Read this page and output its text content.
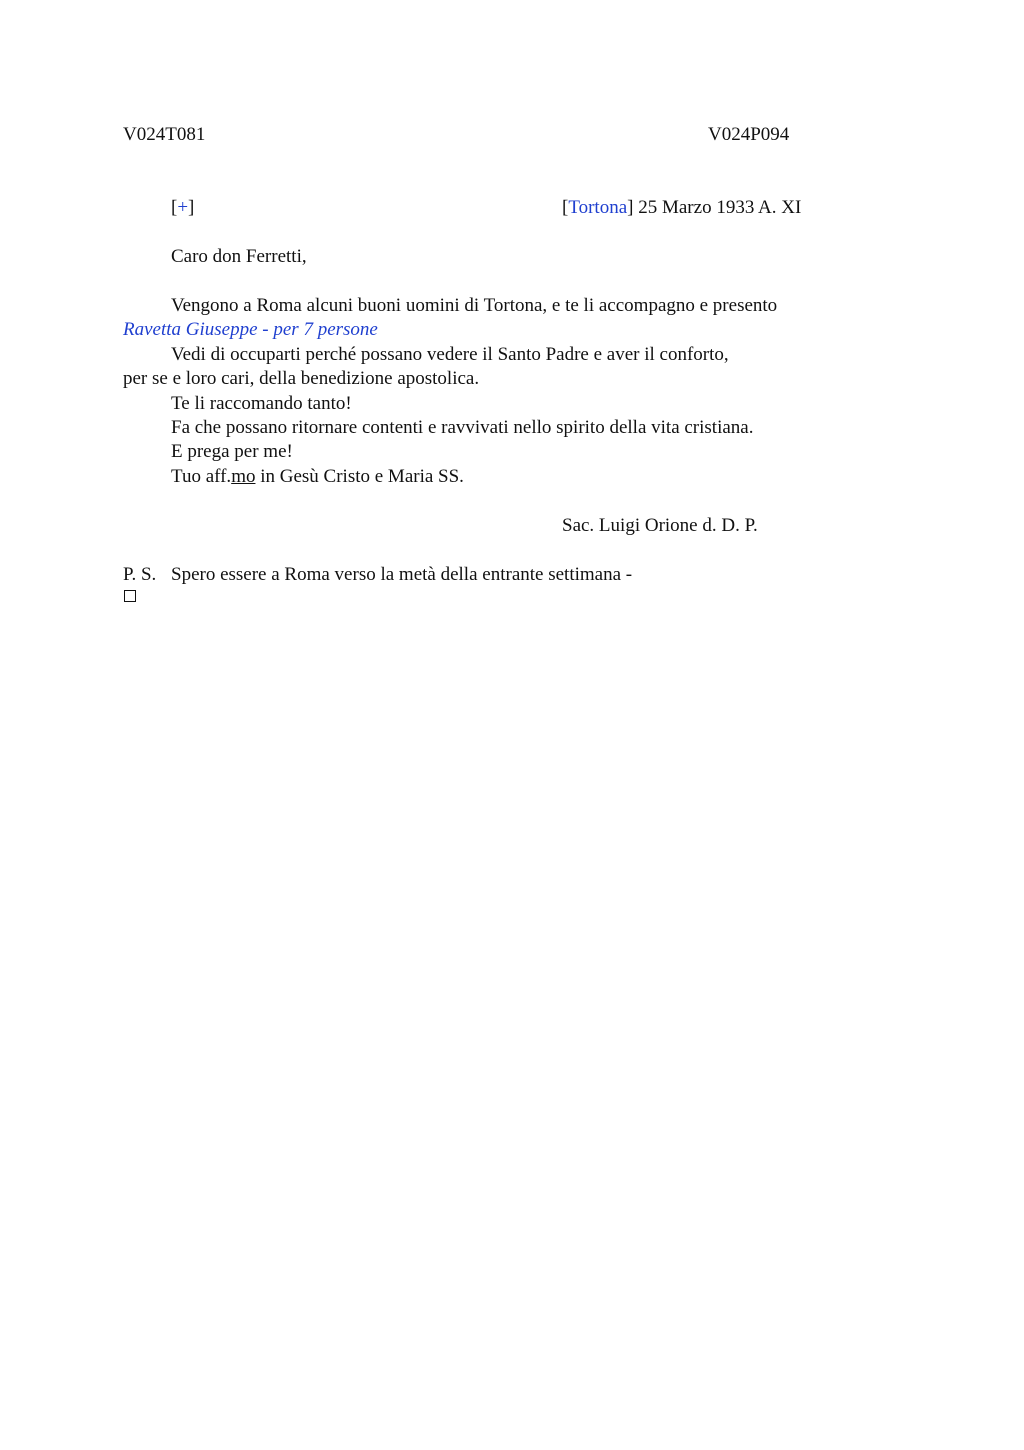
V024T081	V024P094
[+]	[Tortona] 25 Marzo 1933 A. XI
Caro don Ferretti,
Vengono a Roma alcuni buoni uomini di Tortona, e te li accompagno e presento
Ravetta Giuseppe - per 7 persone
Vedi di occuparti perché possano vedere il Santo Padre e aver il conforto,
per se e loro cari, della benedizione apostolica.
Te li raccomando tanto!
Fa che possano ritornare contenti e ravvivati nello spirito della vita cristiana.
E prega per me!
Tuo aff.mo in Gesù Cristo e Maria SS.
Sac. Luigi Orione d. D. P.
P. S. Spero essere a Roma verso la metà della entrante settimana -
